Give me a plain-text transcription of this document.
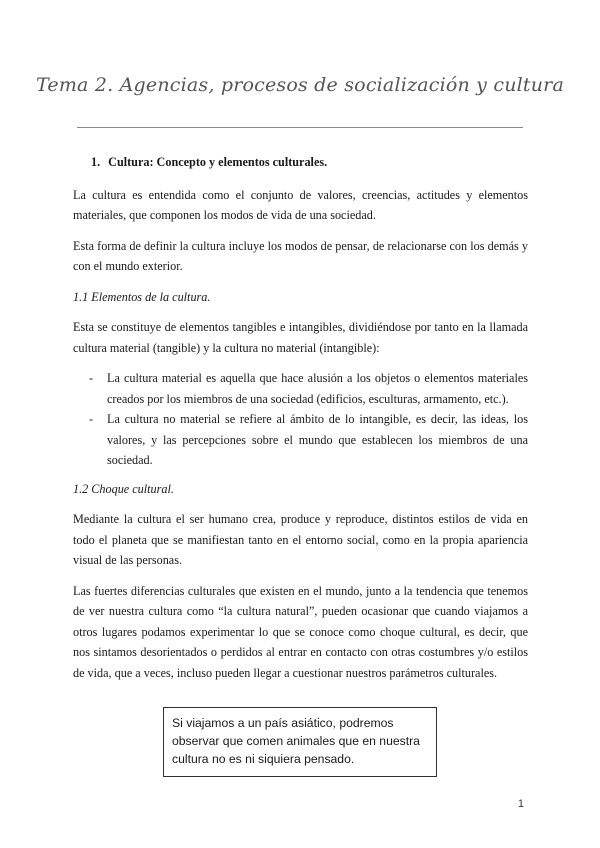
Tema 2. Agencias, procesos de socialización y cultura
1. Cultura: Concepto y elementos culturales.

La cultura es entendida como el conjunto de valores, creencias, actitudes y elementos materiales, que componen los modos de vida de una sociedad.

Esta forma de definir la cultura incluye los modos de pensar, de relacionarse con los demás y con el mundo exterior.

1.1 Elementos de la cultura.

Esta se constituye de elementos tangibles e intangibles, dividiéndose por tanto en la llamada cultura material (tangible) y la cultura no material (intangible):

- La cultura material es aquella que hace alusión a los objetos o elementos materiales creados por los miembros de una sociedad (edificios, esculturas, armamento, etc.).
- La cultura no material se refiere al ámbito de lo intangible, es decir, las ideas, los valores, y las percepciones sobre el mundo que establecen los miembros de una sociedad.
1.2 Choque cultural.

Mediante la cultura el ser humano crea, produce y reproduce, distintos estilos de vida en todo el planeta que se manifiestan tanto en el entorno social, como en la propia apariencia visual de las personas.

Las fuertes diferencias culturales que existen en el mundo, junto a la tendencia que tenemos de ver nuestra cultura como “la cultura natural”, pueden ocasionar que cuando viajamos a otros lugares podamos experimentar lo que se conoce como choque cultural, es decir, que nos sintamos desorientados o perdidos al entrar en contacto con otras costumbres y/o estilos de vida, que a veces, incluso pueden llegar a cuestionar nuestros parámetros culturales.

Si viajamos a un país asiático, podremos observar que comen animales que en nuestra cultura no es ni siquiera pensado.
1
